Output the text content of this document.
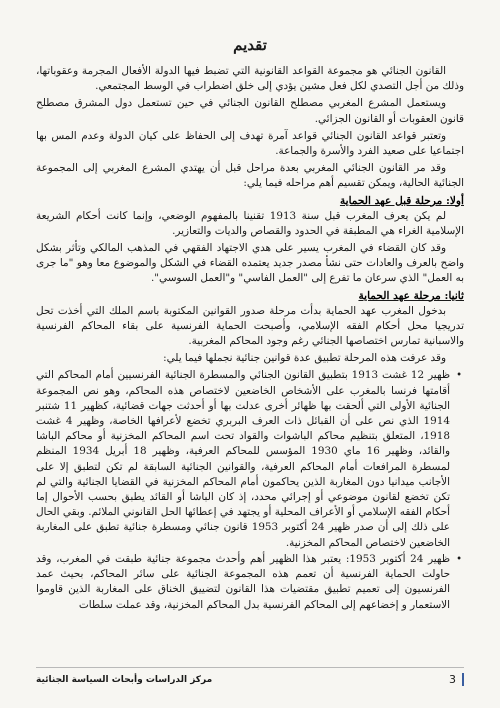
تقديم

القانون الجنائي هو مجموعة القواعد القانونية التي تضبط فيها الدولة الأفعال المجرمة وعقوباتها، وذلك من أجل التصدي لكل فعل مشين يؤدي إلى خلق اضطراب في الوسط المجتمعي.

ويستعمل المشرع المغربي مصطلح القانون الجنائي في حين تستعمل دول المشرق مصطلح قانون العقوبات أو القانون الجزائي.

وتعتبر قواعد القانون الجنائي قواعد آمرة تهدف إلى الحفاظ على كيان الدولة وعدم المس بها اجتماعيا على صعيد الفرد والأسرة والجماعة.

وقد مر القانون الجنائي المغربي بعدة مراحل قبل أن يهتدي المشرع المغربي إلى المجموعة الجنائية الحالية، ويمكن تقسيم أهم مراحله فيما يلي:

أولا: مرحلة قبل عهد الحماية

لم يكن يعرف المغرب قبل سنة 1913 تقنينا بالمفهوم الوضعي، وإنما كانت أحكام الشريعة الإسلامية الغراء هي المطبقة في الحدود والقصاص والديات والتعازير.

وقد كان القضاء في المغرب يسير على هدي الاجتهاد الفقهي في المذهب المالكي وتأثر بشكل واضح بالعرف والعادات حتى نشأ مصدر جديد يعتمده القضاء في الشكل والموضوع معا وهو "ما جرى به العمل" الذي سرعان ما تفرع إلى "العمل الفاسي" و"العمل السوسي".

ثانيا: مرحلة عهد الحماية

بدخول المغرب عهد الحماية بدأت مرحلة صدور القوانين المكتوبة باسم الملك التي أخذت تحل تدريجيا محل أحكام الفقه الإسلامي، وأصبحت الحماية الفرنسية على بقاء المحاكم الفرنسية والاسبانية تمارس اختصاصها الجنائي رغم وجود المحاكم المغربية.

وقد عرفت هذه المرحلة تطبيق عدة قوانين جنائية نجملها فيما يلي:

• ظهير 12 غشت 1913 بتطبيق القانون الجنائي والمسطرة الجنائية الفرنسيين أمام المحاكم التي أقامتها فرنسا بالمغرب على الأشخاص الخاضعين لاختصاص هذه المحاكم، وهو نص المجموعة الجنائية الأولى التي ألحقت بها ظهائر أخرى عدلت بها أو أحدثت جهات قضائية، كظهير 11 شتنبر 1914 الذي نص على أن القبائل ذات العرف البربري تخضع لأعرافها الخاصة، وظهير 4 غشت 1918، المتعلق بتنظيم محاكم الباشوات والقواد تحت اسم المحاكم المخزنية أو محاكم الباشا والقائد، وظهير 16 ماي 1930 المؤسس للمحاكم العرفية، وظهير 18 أبريل 1934 المنظم لمسطرة المرافعات أمام المحاكم العرفية، والقوانين الجنائية السابقة لم تكن لتطبق إلا على الأجانب ميدانيا دون المغاربة الذين يحاكمون أمام المحاكم المخزنية في القضايا الجنائية والتي لم تكن تخضع لقانون موضوعي أو إجرائي محدد، إذ كان الباشا أو القائد يطبق بحسب الأحوال إما أحكام الفقه الإسلامي أو الأعراف المحلية أو يجتهد في إعطائها الحل القانوني الملائم. وبقي الحال على ذلك إلى أن صدر ظهير 24 أكتوبر 1953 قانون جنائي ومسطرة جنائية تطبق على المغاربة الخاضعين لاختصاص المحاكم المخزنية.
• ظهير 24 أكتوبر 1953: يعتبر هذا الظهير أهم وأحدث مجموعة جنائية طبقت في المغرب، وقد حاولت الحماية الفرنسية أن تعمم هذه المجموعة الجنائية على سائر المحاكم، بحيث عمد الفرنسيون إلى تعميم تطبيق مقتضيات هذا القانون لتضييق الخناق على المغاربة الذين قاوموا الاستعمار و إخضاعهم إلى المحاكم الفرنسية بدل المحاكم المخزنية، وقد عملت سلطات
3
مركز الدراسات وأبحاث السياسة الجنائية
